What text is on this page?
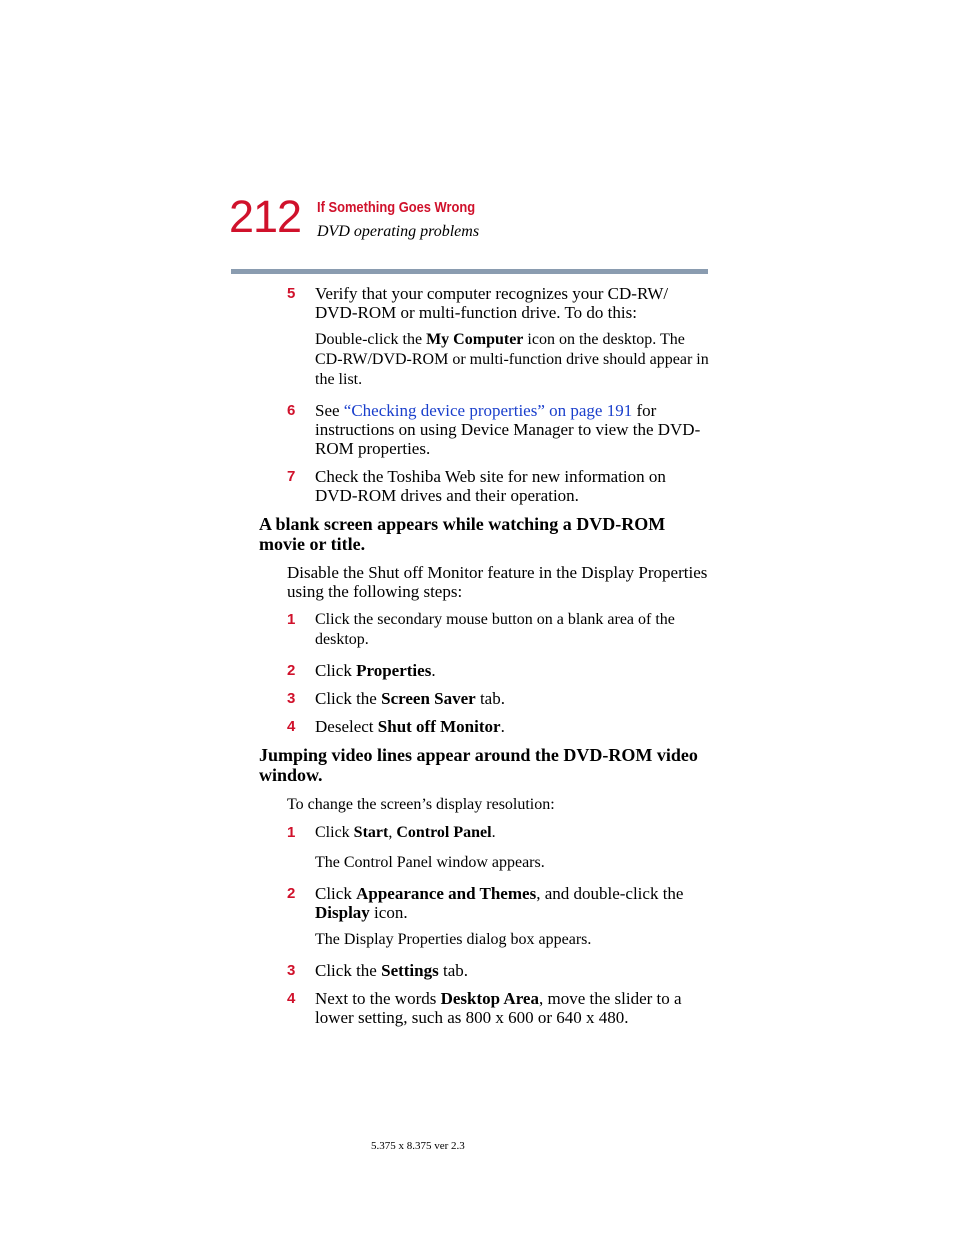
212 If Something Goes Wrong
DVD operating problems
5 Verify that your computer recognizes your CD-RW/ DVD-ROM or multi-function drive. To do this:
Double-click the My Computer icon on the desktop. The CD-RW/DVD-ROM or multi-function drive should appear in the list.
6 See “Checking device properties” on page 191 for instructions on using Device Manager to view the DVD-ROM properties.
7 Check the Toshiba Web site for new information on DVD-ROM drives and their operation.
A blank screen appears while watching a DVD-ROM movie or title.
Disable the Shut off Monitor feature in the Display Properties using the following steps:
1 Click the secondary mouse button on a blank area of the desktop.
2 Click Properties.
3 Click the Screen Saver tab.
4 Deselect Shut off Monitor.
Jumping video lines appear around the DVD-ROM video window.
To change the screen’s display resolution:
1 Click Start, Control Panel.
The Control Panel window appears.
2 Click Appearance and Themes, and double-click the Display icon.
The Display Properties dialog box appears.
3 Click the Settings tab.
4 Next to the words Desktop Area, move the slider to a lower setting, such as 800 x 600 or 640 x 480.
5.375 x 8.375 ver 2.3
